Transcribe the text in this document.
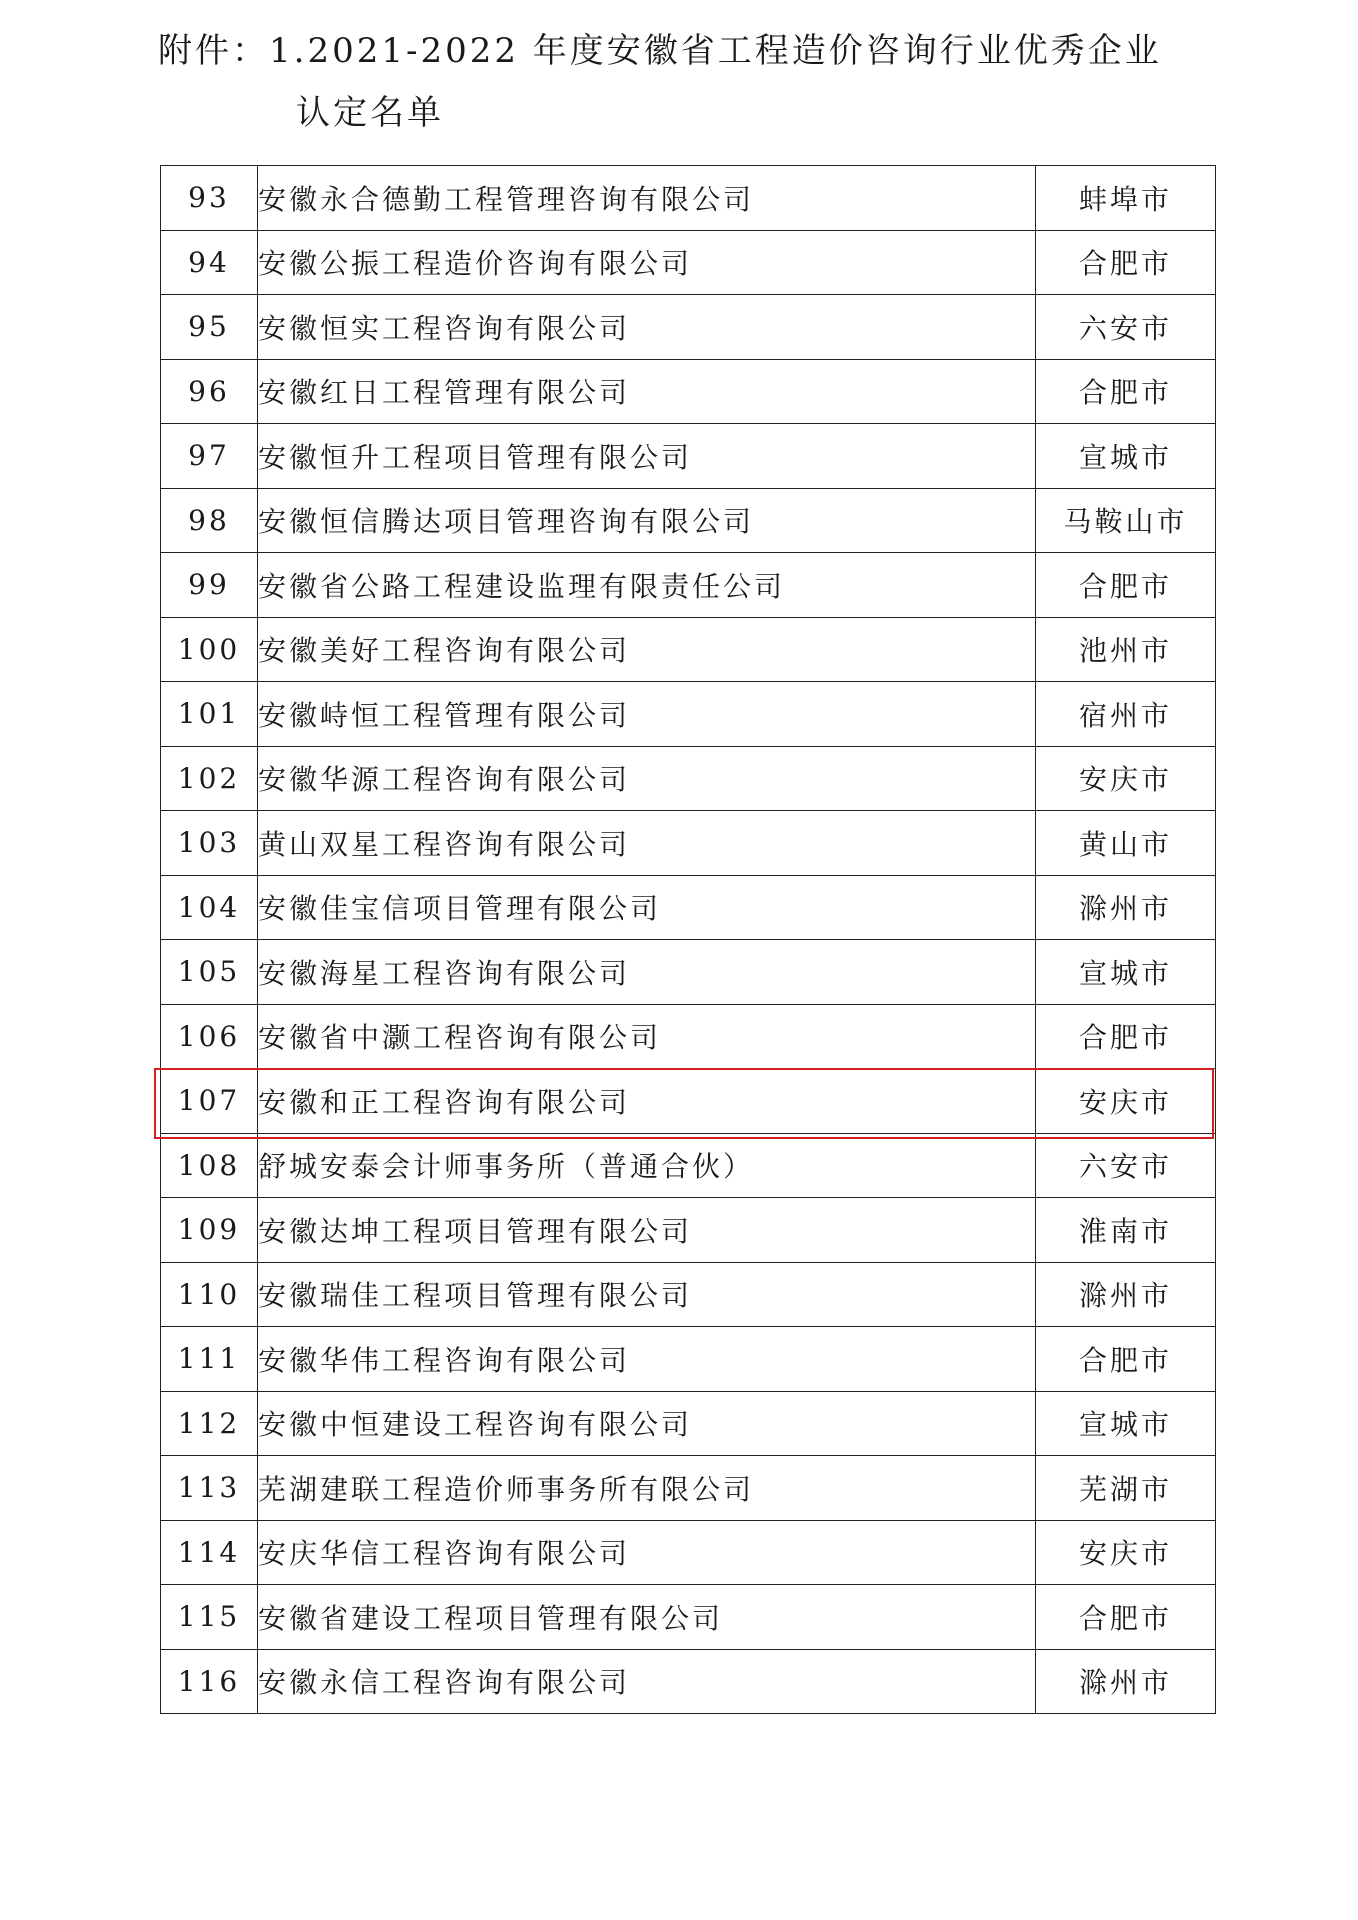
附件：1.2021-2022 年度安徽省工程造价咨询行业优秀企业
认定名单
93	安徽永合德勤工程管理咨询有限公司	蚌埠市
94	安徽公振工程造价咨询有限公司	合肥市
95	安徽恒实工程咨询有限公司	六安市
96	安徽红日工程管理有限公司	合肥市
97	安徽恒升工程项目管理有限公司	宣城市
98	安徽恒信腾达项目管理咨询有限公司	马鞍山市
99	安徽省公路工程建设监理有限责任公司	合肥市
100	安徽美好工程咨询有限公司	池州市
101	安徽峙恒工程管理有限公司	宿州市
102	安徽华源工程咨询有限公司	安庆市
103	黄山双星工程咨询有限公司	黄山市
104	安徽佳宝信项目管理有限公司	滁州市
105	安徽海星工程咨询有限公司	宣城市
106	安徽省中灏工程咨询有限公司	合肥市
107	安徽和正工程咨询有限公司	安庆市
108	舒城安泰会计师事务所（普通合伙）	六安市
109	安徽达坤工程项目管理有限公司	淮南市
110	安徽瑞佳工程项目管理有限公司	滁州市
111	安徽华伟工程咨询有限公司	合肥市
112	安徽中恒建设工程咨询有限公司	宣城市
113	芜湖建联工程造价师事务所有限公司	芜湖市
114	安庆华信工程咨询有限公司	安庆市
115	安徽省建设工程项目管理有限公司	合肥市
116	安徽永信工程咨询有限公司	滁州市
